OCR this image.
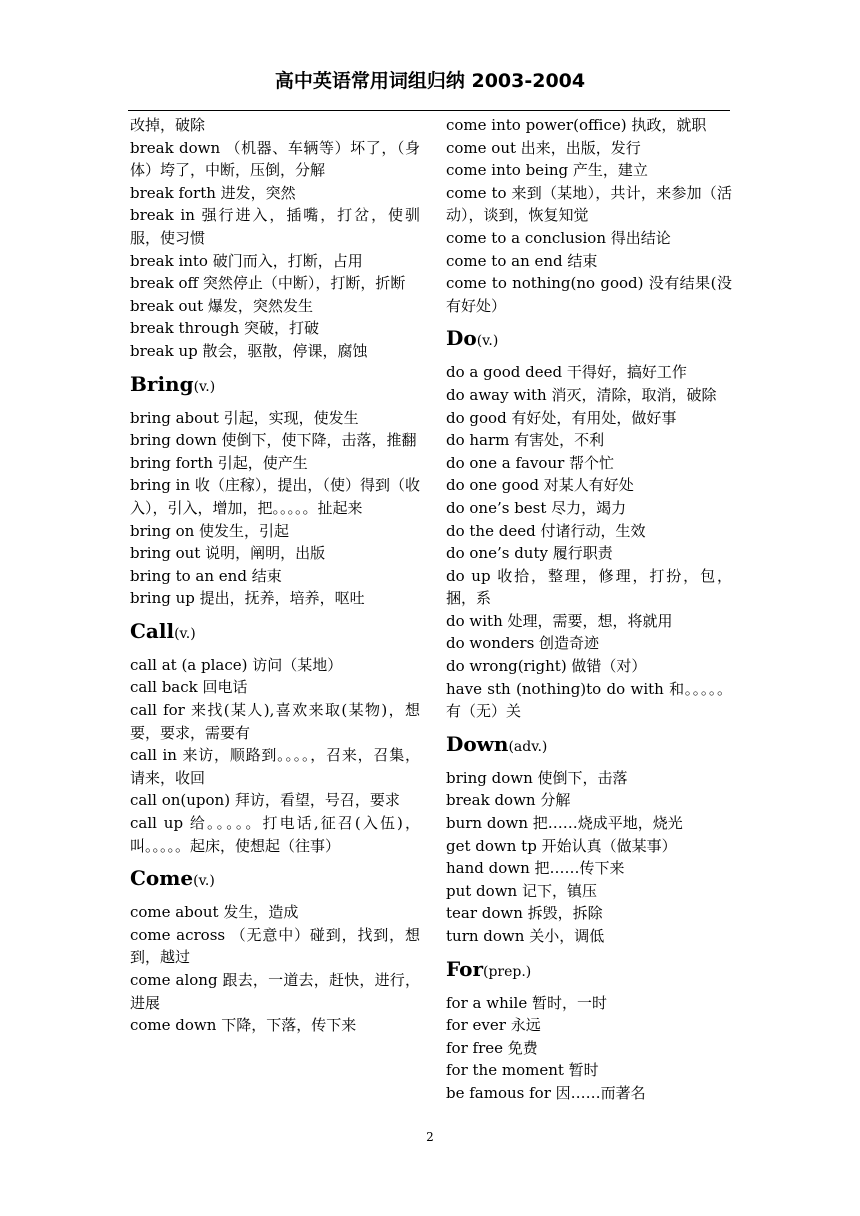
高中英语常用词组归纳 2003-2004

改掉，破除

break down （机器、车辆等）坏了，（身体）垮了，中断，压倒，分解

break forth 进发，突然

break in 强行进入，插嘴，打岔，使驯服，使习惯

break into 破门而入，打断，占用

break off 突然停止（中断），打断，折断

break out 爆发，突然发生

break through 突破，打破

break up 散会，驱散，停课，腐蚀

Bring(v.)

bring about 引起，实现，使发生

bring down 使倒下，使下降，击落，推翻

bring forth 引起，使产生

bring in 收（庄稼），提出，（使）得到（收入），引入，增加，把。。。。。扯起来

bring on 使发生，引起

bring out 说明，阐明，出版

bring to an end 结束

bring up 提出，抚养，培养，呕吐

Call(v.)

call at (a place) 访问（某地）

call back 回电话

call for 来找(某人),喜欢来取(某物)，想要，要求，需要有

call in 来访，顺路到。。。。，召来，召集，请来，收回

call on(upon) 拜访，看望，号召，要求

call up 给。。。。。打电话,征召(入伍)，叫。。。。。起床，使想起（往事）

Come(v.)

come about 发生，造成

come across （无意中）碰到，找到，想到，越过

come along 跟去，一道去，赶快，进行，进展

come down 下降，下落，传下来

come into power(office) 执政，就职

come out 出来，出版，发行

come into being 产生，建立

come to 来到（某地），共计，来参加（活动），谈到，恢复知觉

come to a conclusion 得出结论

come to an end 结束

come to nothing(no good) 没有结果(没有好处）

Do(v.)

do a good deed 干得好，搞好工作

do away with 消灭，清除，取消，破除

do good 有好处，有用处，做好事

do harm 有害处，不利

do one a favour 帮个忙

do one good 对某人有好处

do one’s best 尽力，竭力

do the deed 付诸行动，生效

do one’s duty 履行职责

do up 收拾，整理，修理，打扮，包，捆，系

do with 处理，需要，想，将就用

do wonders 创造奇迹

do wrong(right) 做错（对）

have sth (nothing)to do with 和。。。。。有（无）关

Down(adv.)

bring down 使倒下，击落

break down 分解

burn down 把……烧成平地，烧光

get down tp 开始认真（做某事）

hand down 把……传下来

put down 记下，镇压

tear down 拆毁，拆除

turn down 关小，调低

For(prep.)

for a while 暂时，一时

for ever 永远

for free 免费

for the moment 暂时

be famous for 因……而著名

2
